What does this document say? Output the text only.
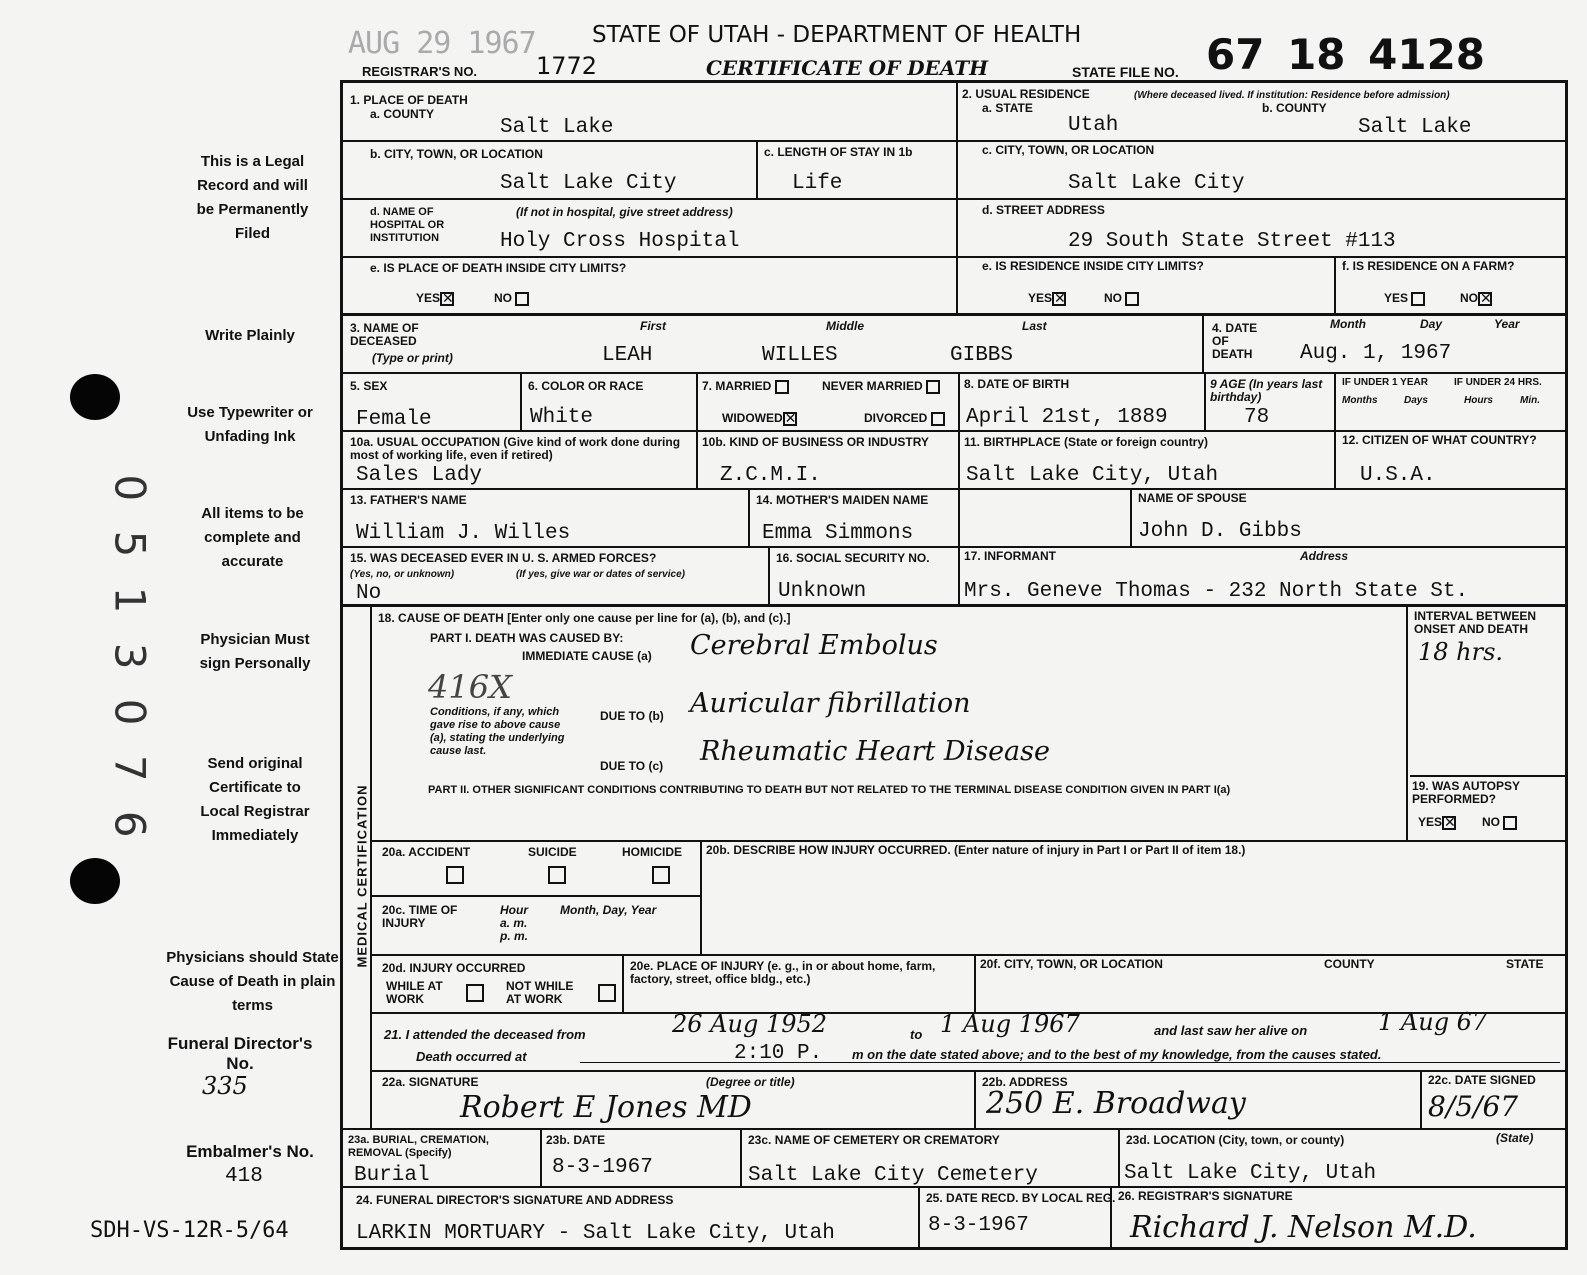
AUG 29 1967 STATE OF UTAH - DEPARTMENT OF HEALTH
REGISTRAR'S NO. 1772	CERTIFICATE OF DEATH	STATE FILE NO. 67 18 4128
This is a Legal Record and will be Permanently Filed
Write Plainly
Use Typewriter or Unfading Ink
All items to be complete and accurate
Physician Must sign Personally
Send original Certificate to Local Registrar Immediately
Physicians should State Cause of Death in plain terms
Funeral Director's No.
335
Embalmer's No.
418
SDH-VS-12R-5/64
0 5 1 3 0 7 6
1. PLACE OF DEATH
a. COUNTY
Salt Lake
2. USUAL RESIDENCE	(Where deceased lived. If institution: Residence before admission)
a. STATE	b. COUNTY
Utah	Salt Lake
b. CITY, TOWN, OR LOCATION
Salt Lake City
c. LENGTH OF STAY IN 1b
Life
c. CITY, TOWN, OR LOCATION
Salt Lake City
d. NAME OF HOSPITAL OR INSTITUTION
(If not in hospital, give street address)
Holy Cross Hospital
d. STREET ADDRESS
29 South State Street #113
e. IS PLACE OF DEATH INSIDE CITY LIMITS?
YES ✕	NO
e. IS RESIDENCE INSIDE CITY LIMITS?
YES ✕	NO
f. IS RESIDENCE ON A FARM?
YES	NO ✕
3. NAME OF DECEASED
(Type or print)
First	Middle	Last
LEAH	WILLES	GIBBS
4. DATE OF DEATH
Month	Day	Year
Aug. 1, 1967
5. SEX
Female
6. COLOR OR RACE
White
7. MARRIED	NEVER MARRIED
WIDOWED ✕	DIVORCED
8. DATE OF BIRTH
April 21st, 1889
9 AGE (In years last birthday)
78
IF UNDER 1 YEAR	IF UNDER 24 HRS.
Months	Days	Hours	Min.
10a. USUAL OCCUPATION (Give kind of work done during most of working life, even if retired)
Sales Lady
10b. KIND OF BUSINESS OR INDUSTRY
Z.C.M.I.
11. BIRTHPLACE (State or foreign country)
Salt Lake City, Utah
12. CITIZEN OF WHAT COUNTRY?
U.S.A.
13. FATHER'S NAME
William J. Willes
14. MOTHER'S MAIDEN NAME
Emma Simmons
NAME OF SPOUSE
John D. Gibbs
15. WAS DECEASED EVER IN U. S. ARMED FORCES?
(Yes, no, or unknown)	(If yes, give war or dates of service)
No
16. SOCIAL SECURITY NO.
Unknown
17. INFORMANT	Address
Mrs. Geneve Thomas - 232 North State St.
MEDICAL CERTIFICATION
18. CAUSE OF DEATH [Enter only one cause per line for (a), (b), and (c).]
PART I. DEATH WAS CAUSED BY:
IMMEDIATE CAUSE (a) Cerebral Embolus
INTERVAL BETWEEN ONSET AND DEATH
18 hrs.
416X
Conditions, if any, which gave rise to above cause (a), stating the underlying cause last.
DUE TO (b) Auricular fibrillation
DUE TO (c) Rheumatic Heart Disease
PART II. OTHER SIGNIFICANT CONDITIONS CONTRIBUTING TO DEATH BUT NOT RELATED TO THE TERMINAL DISEASE CONDITION GIVEN IN PART I(a)	19. WAS AUTOPSY PERFORMED?
YES ✕ NO
20a. ACCIDENT	SUICIDE	HOMICIDE 20b. DESCRIBE HOW INJURY OCCURRED. (Enter nature of injury in Part I or Part II of item 18.)
20c. TIME OF INJURY
Hour a. m. p. m.
Month, Day, Year
20d. INJURY OCCURRED
WHILE AT WORK
NOT WHILE AT WORK
20e. PLACE OF INJURY (e. g., in or about home, farm, factory, street, office bldg., etc.)
20f. CITY, TOWN, OR LOCATION	COUNTY	STATE
21. I attended the deceased from	26 Aug 1952	to 1 Aug 1967	and last saw her alive on	1 Aug 67
Death occurred at	2:10 P. m on the date stated above; and to the best of my knowledge, from the causes stated.
22a. SIGNATURE	(Degree or title)
Robert E Jones MD
22b. ADDRESS
250 E. Broadway
22c. DATE SIGNED
8/5/67
23a. BURIAL, CREMATION, REMOVAL (Specify)
Burial
23b. DATE
8-3-1967
23c. NAME OF CEMETERY OR CREMATORY
Salt Lake City Cemetery
23d. LOCATION (City, town, or county)	(State)
Salt Lake City, Utah
24. FUNERAL DIRECTOR'S SIGNATURE AND ADDRESS
LARKIN MORTUARY - Salt Lake City, Utah
25. DATE RECD. BY LOCAL REG.
8-3-1967
26. REGISTRAR'S SIGNATURE
Richard J. Nelson M.D.
